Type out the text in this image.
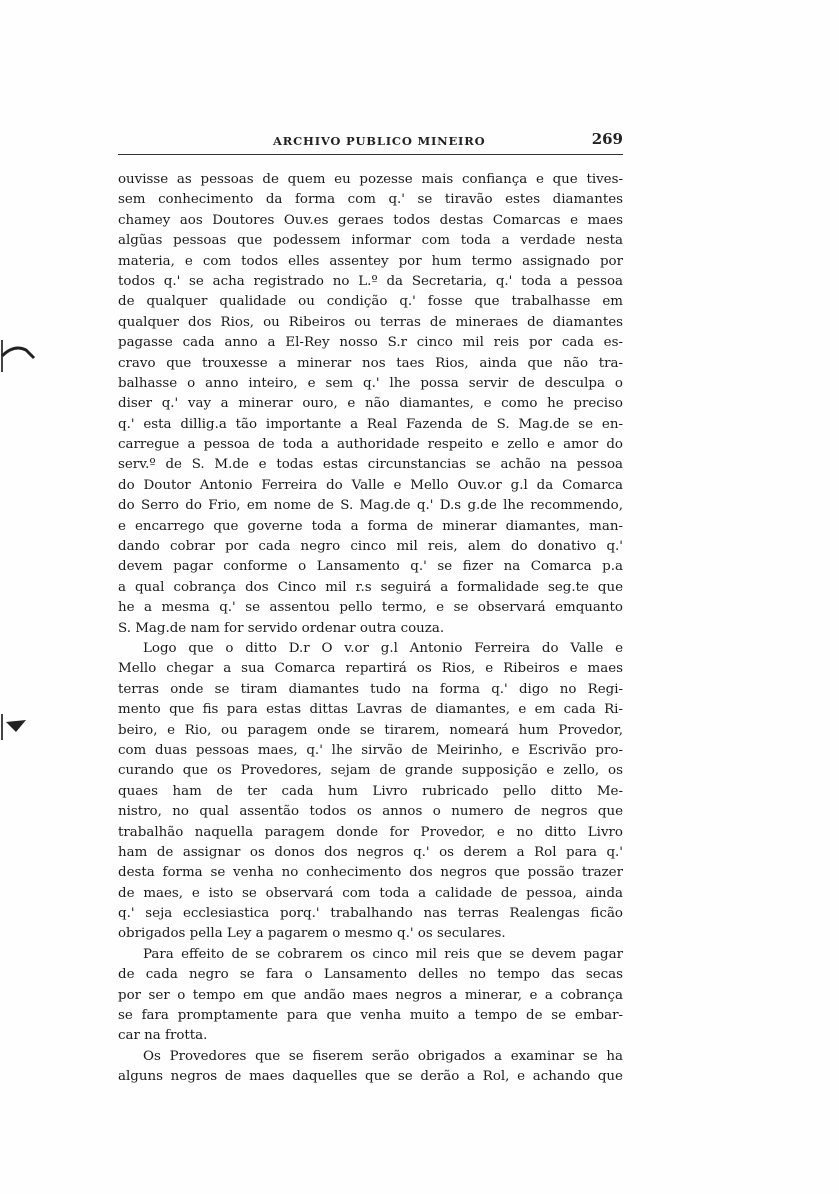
ARCHIVO PUBLICO MINEIRO	269
ouvisse as pessoas de quem eu pozesse mais confiança e que tives-
sem conhecimento da forma com q.' se tiravão estes diamantes
chamey aos Doutores Ouv.es geraes todos destas Comarcas e maes
algũas pessoas que podessem informar com toda a verdade nesta
materia, e com todos elles assentey por hum termo assignado por
todos q.' se acha registrado no L.º da Secretaria, q.' toda a pessoa
de qualquer qualidade ou condição q.' fosse que trabalhasse em
qualquer dos Rios, ou Ribeiros ou terras de mineraes de diamantes
pagasse cada anno a El-Rey nosso S.r cinco mil reis por cada es-
cravo que trouxesse a minerar nos taes Rios, ainda que não tra-
balhasse o anno inteiro, e sem q.' lhe possa servir de desculpa o
diser q.' vay a minerar ouro, e não diamantes, e como he preciso
q.' esta dillig.a tão importante a Real Fazenda de S. Mag.de se en-
carregue a pessoa de toda a authoridade respeito e zello e amor do
serv.º de S. M.de e todas estas circunstancias se achão na pessoa
do Doutor Antonio Ferreira do Valle e Mello Ouv.or g.l da Comarca
do Serro do Frio, em nome de S. Mag.de q.' D.s g.de lhe recommendo,
e encarrego que governe toda a forma de minerar diamantes, man-
dando cobrar por cada negro cinco mil reis, alem do donativo q.'
devem pagar conforme o Lansamento q.' se fizer na Comarca p.a
a qual cobrança dos Cinco mil r.s seguirá a formalidade seg.te que
he a mesma q.' se assentou pello termo, e se observará emquanto
S. Mag.de nam for servido ordenar outra couza.
Logo que o ditto D.r O v.or g.l Antonio Ferreira do Valle e
Mello chegar a sua Comarca repartirá os Rios, e Ribeiros e maes
terras onde se tiram diamantes tudo na forma q.' digo no Regi-
mento que fis para estas dittas Lavras de diamantes, e em cada Ri-
beiro, e Rio, ou paragem onde se tirarem, nomeará hum Provedor,
com duas pessoas maes, q.' lhe sirvão de Meirinho, e Escrivão pro-
curando que os Provedores, sejam de grande supposição e zello, os
quaes ham de ter cada hum Livro rubricado pello ditto Me-
nistro, no qual assentão todos os annos o numero de negros que
trabalhão naquella paragem donde for Provedor, e no ditto Livro
ham de assignar os donos dos negros q.' os derem a Rol para q.'
desta forma se venha no conhecimento dos negros que possão trazer
de maes, e isto se observará com toda a calidade de pessoa, ainda
q.' seja ecclesiastica porq.' trabalhando nas terras Realengas ficão
obrigados pella Ley a pagarem o mesmo q.' os seculares.
Para effeito de se cobrarem os cinco mil reis que se devem pagar
de cada negro se fara o Lansamento delles no tempo das secas
por ser o tempo em que andão maes negros a minerar, e a cobrança
se fara promptamente para que venha muito a tempo de se embar-
car na frotta.
Os Provedores que se fiserem serão obrigados a examinar se ha
alguns negros de maes daquelles que se derão a Rol, e achando que
